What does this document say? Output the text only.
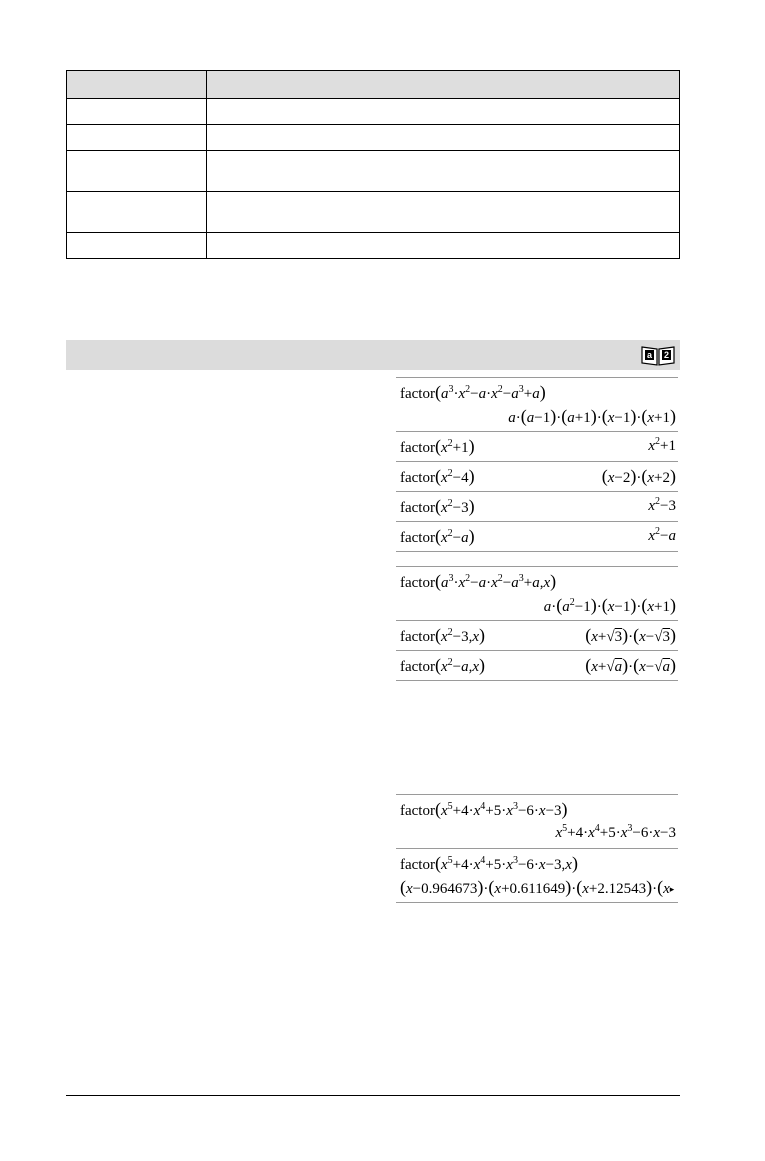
a 2
$factor(a^3\cdot x^2-a\cdot x^2-a^3+a)$
a·(a−1)·(a+1)·(x−1)·(x+1)
$factor(x^2+1)$	$x^2+1$
$factor(x^2-4)$	(x−2)·(x+2)
$factor(x^2-3)$	$x^2-3$
$factor(x^2-a)$	$x^2-a$
$factor(a^3\cdot x^2-a\cdot x^2-a^3+a,x)$
$a\cdot(a^2-1)\cdot(x-1)\cdot(x+1)$
$factor(x^2-3,x)$	(x+√3)·(x−√3)
$factor(x^2-a,x)$	(x+√a)·(x−√a)
$factor(x^5+4\cdot x^4+5\cdot x^3-6\cdot x-3)$
$x^5+4\cdot x^4+5\cdot x^3-6\cdot x-3$
$factor(x^5+4\cdot x^4+5\cdot x^3-6\cdot x-3,x)$
(x−0.964673)·(x+0.611649)·(x+2.12543)·(x▸
